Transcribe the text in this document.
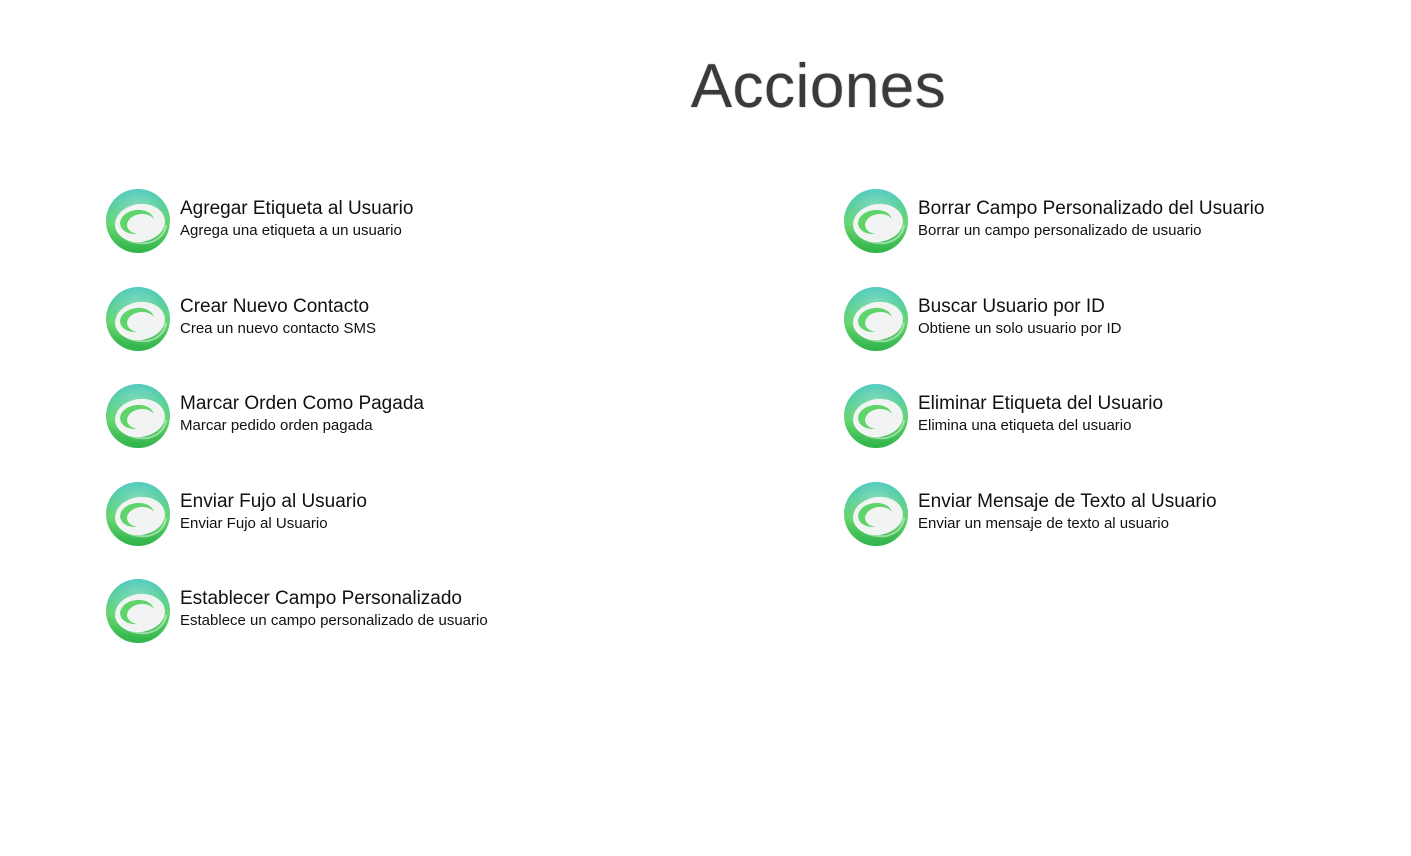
Acciones
Agregar Etiqueta al Usuario
Agrega una etiqueta a un usuario
Crear Nuevo Contacto
Crea un nuevo contacto SMS
Marcar Orden Como Pagada
Marcar pedido orden pagada
Enviar Fujo al Usuario
Enviar Fujo al Usuario
Establecer Campo Personalizado
Establece un campo personalizado de usuario
Borrar Campo Personalizado del Usuario
Borrar un campo personalizado de usuario
Buscar Usuario por ID
Obtiene un solo usuario por ID
Eliminar Etiqueta del Usuario
Elimina una etiqueta del usuario
Enviar Mensaje de Texto al Usuario
Enviar un mensaje de texto al usuario
